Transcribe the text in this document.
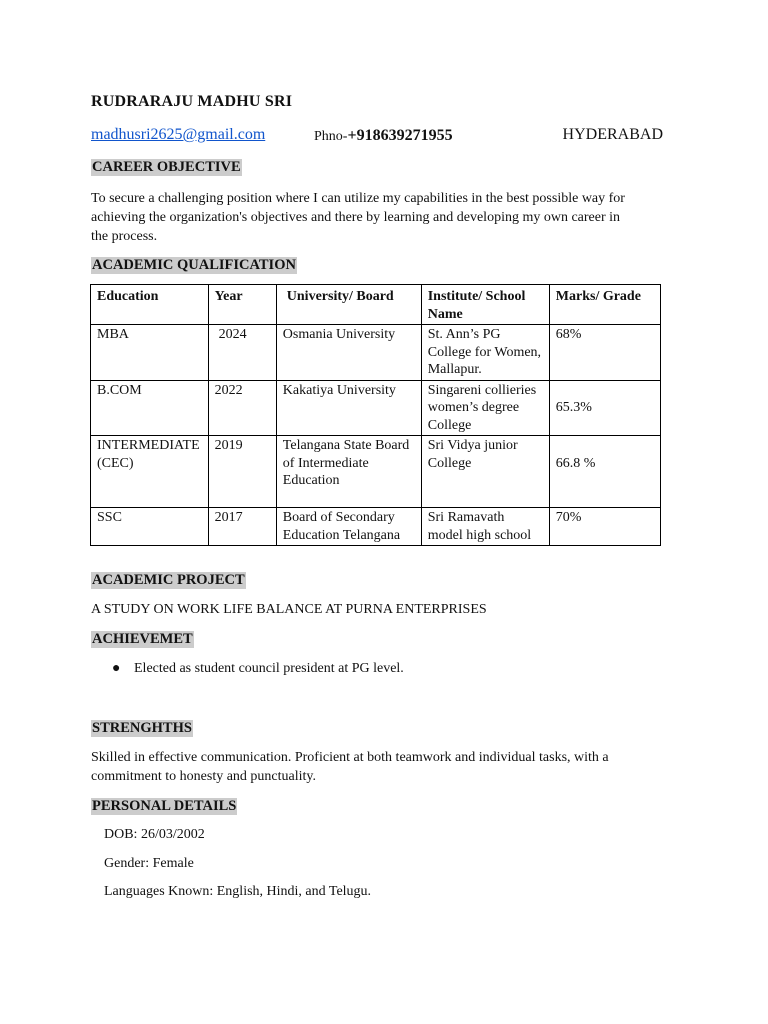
RUDRARAJU MADHU SRI
madhusri2625@gmail.com	Phno-+918639271955	HYDERABAD
CAREER OBJECTIVE
To secure a challenging position where I can utilize my capabilities in the best possible way for
achieving the organization's objectives and there by learning and developing my own career in
the process.
ACADEMIC QUALIFICATION
Education	Year	University/ Board	Institute/ School Name	Marks/ Grade
MBA	2024	Osmania University	St. Ann’s PG College for Women, Mallapur.	68%
B.COM	2022	Kakatiya University	Singareni collieries women’s degree College	65.3%
INTERMEDIATE (CEC)	2019	Telangana State Board of Intermediate Education	Sri Vidya junior College	66.8 %
SSC	2017	Board of Secondary Education Telangana	Sri Ramavath model high school	70%
ACADEMIC PROJECT
A STUDY ON WORK LIFE BALANCE AT PURNA ENTERPRISES
ACHIEVEMET
● Elected as student council president at PG level.
STRENGHTHS
Skilled in effective communication. Proficient at both teamwork and individual tasks, with a
commitment to honesty and punctuality.
PERSONAL DETAILS
DOB: 26/03/2002
Gender: Female
Languages Known: English, Hindi, and Telugu.
